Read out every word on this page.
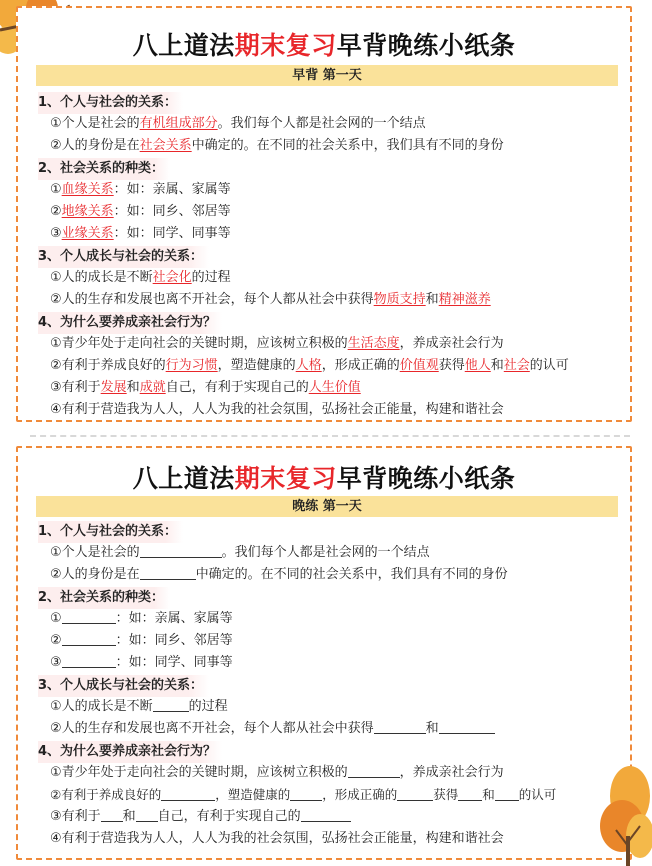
八上道法期末复习早背晚练小纸条
早背 第一天
1、个人与社会的关系：
①个人是社会的有机组成部分。我们每个人都是社会网的一个结点
②人的身份是在社会关系中确定的。在不同的社会关系中，我们具有不同的身份
2、社会关系的种类：
①血缘关系：如：亲属、家属等
②地缘关系：如：同乡、邻居等
③业缘关系：如：同学、同事等
3、个人成长与社会的关系：
①人的成长是不断社会化的过程
②人的生存和发展也离不开社会，每个人都从社会中获得物质支持和精神滋养
4、为什么要养成亲社会行为？
①青少年处于走向社会的关键时期，应该树立积极的生活态度，养成亲社会行为
②有利于养成良好的行为习惯，塑造健康的人格，形成正确的价值观获得他人和社会的认可
③有利于发展和成就自己，有利于实现自己的人生价值
④有利于营造我为人人，人人为我的社会氛围，弘扬社会正能量，构建和谐社会
八上道法期末复习早背晚练小纸条
晚练 第一天
1、个人与社会的关系：
①个人是社会的	。我们每个人都是社会网的一个结点
②人的身份是在	中确定的。在不同的社会关系中，我们具有不同的身份
2、社会关系的种类：
①	：如：亲属、家属等
②	：如：同乡、邻居等
③	：如：同学、同事等
3、个人成长与社会的关系：
①人的成长是不断	的过程
②人的生存和发展也离不开社会，每个人都从社会中获得	和
4、为什么要养成亲社会行为？
①青少年处于走向社会的关键时期，应该树立积极的	，养成亲社会行为
②有利于养成良好的	，塑造健康的	，形成正确的	获得 和 的认可
③有利于 和 自己，有利于实现自己的
④有利于营造我为人人，人人为我的社会氛围，弘扬社会正能量，构建和谐社会
